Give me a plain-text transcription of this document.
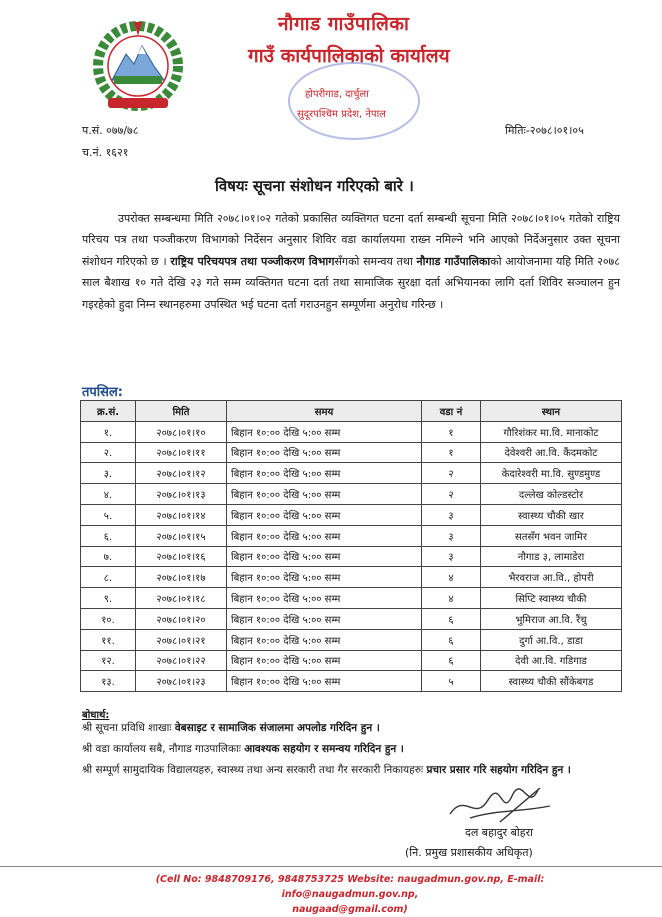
नौगाड गाउँपालिका
गाउँ कार्यपालिकाको कार्यालय
होपरीगाड, दार्चुला
सुदूरपश्चिम प्रदेश, नेपाल
प.सं. ०७७/७८
च.नं. १६२१
मितिः-२०७८।०१।०५
विषयः सूचना संशोधन गरिएको बारे ।

उपरोक्त सम्बन्धमा मिति २०७८।०१।०२ गतेको प्रकासित व्यक्तिगत घटना दर्ता सम्बन्धी सूचना मिति २०७८।०१।०५ गतेको राष्ट्रिय परिचय पत्र तथा पञ्जीकरण विभागको निर्देसन अनुसार शिविर वडा कार्यालयमा राख्न नमिल्ने भनि आएको निर्देअनुसार उक्त सूचना संशोधन गरिएको छ । राष्ट्रिय परिचयपत्र तथा पञ्जीकरण विभागसँगको समन्वय तथा नौगाड गाउँपालिकाको आयोजनामा यहि मिति २०७८ साल बैशाख १० गते देखि २३ गते सम्म व्यक्तिगत घटना दर्ता तथा सामाजिक सुरक्षा दर्ता अभियानका लागि दर्ता शिविर सञ्चालन हुन गइरहेको हुदा निम्न स्थानहरुमा उपस्थित भई घटना दर्ता गराउनहुन सम्पूर्णमा अनुरोध गरिन्छ ।

तपसिल:
क्र.सं.	मिति	समय	वडा नं	स्थान
१.	२०७८।०१।१०	बिहान १०:०० देखि ५:०० सम्म	१	गौरिशंकर मा.वि. मानाकोट
२.	२०७८।०१।११	बिहान १०:०० देखि ५:०० सम्म	१	देवेश्वरी आ.वि. कैंदमकोट
३.	२०७८।०१।१२	बिहान १०:०० देखि ५:०० सम्म	२	केदारेश्वरी मा.वि. सुण्डमुण्ड
४.	२०७८।०१।१३	बिहान १०:०० देखि ५:०० सम्म	२	दल्लेख कोल्डस्टोर
५.	२०७८।०१।१४	बिहान १०:०० देखि ५:०० सम्म	३	स्वास्थ्य चौकी खार
६.	२०७८।०१।१५	बिहान १०:०० देखि ५:०० सम्म	३	सतसँग भवन जामिर
७.	२०७८।०१।१६	बिहान १०:०० देखि ५:०० सम्म	३	नौगाड ३, लामाडेरा
८.	२०७८।०१।१७	बिहान १०:०० देखि ५:०० सम्म	४	भैरवराज आ.वि., होपरी
९.	२०७८।०१।१८	बिहान १०:०० देखि ५:०० सम्म	४	सिप्टि स्वास्थ्य चौकी
१०.	२०७८।०१।२०	बिहान १०:०० देखि ५:०० सम्म	६	भुमिराज आ.वि. रैंचु
११.	२०७८।०१।२१	बिहान १०:०० देखि ५:०० सम्म	६	दुर्गा आ.वि., डाडा
१२.	२०७८।०१।२२	बिहान १०:०० देखि ५:०० सम्म	६	देवी आ.वि. गडिगाड
१३.	२०७८।०१।२३	बिहान १०:०० देखि ५:०० सम्म	५	स्वास्थ्य चौकी सौंकेबगड
बोधार्थ:
श्री सूचना प्रविधि शाखाः वेबसाइट र सामाजिक संजालमा अपलोड गरिदिन हुन ।
श्री वडा कार्यालय सबै, नौगाड गाउपालिकाः आवश्यक सहयोग र समन्वय गरिदिन हुन ।
श्री सम्पूर्ण सामुदायिक विद्यालयहरु, स्वास्थ्य तथा अन्य सरकारी तथा गैर सरकारी निकायहरुः प्रचार प्रसार गरि सहयोग गरिदिन हुन ।
दल बहादुर बोहरा
(नि. प्रमुख प्रशासकीय अधिकृत)
(Cell No: 9848709176, 9848753725 Website: naugadmun.gov.np, E-mail: info@naugadmun.gov.np,
naugaad@gmail.com)
